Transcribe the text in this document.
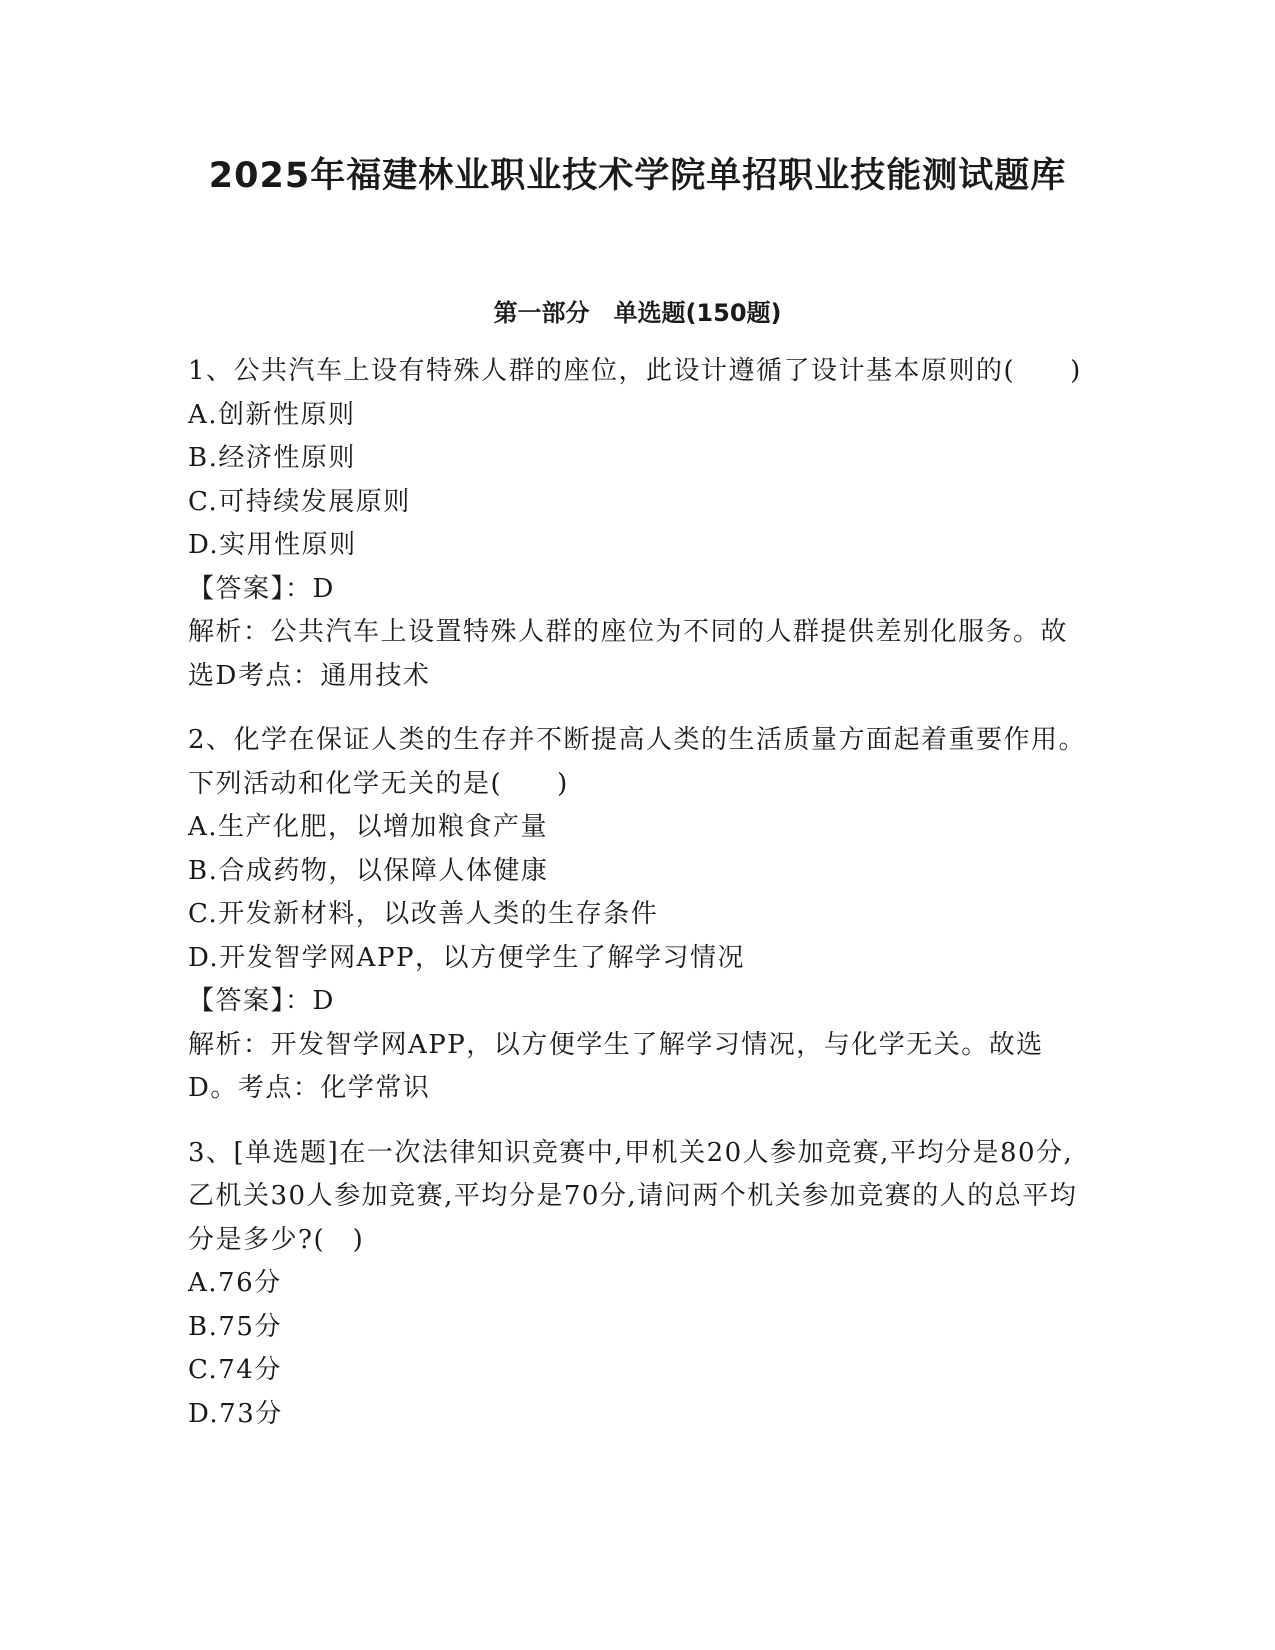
2025年福建林业职业技术学院单招职业技能测试题库
第一部分　单选题(150题)

1、公共汽车上设有特殊人群的座位，此设计遵循了设计基本原则的(　　)

A.创新性原则

B.经济性原则

C.可持续发展原则

D.实用性原则

【答案】：D

解析：公共汽车上设置特殊人群的座位为不同的人群提供差别化服务。故选D考点：通用技术

2、化学在保证人类的生存并不断提高人类的生活质量方面起着重要作用。下列活动和化学无关的是(　　)

A.生产化肥，以增加粮食产量

B.合成药物，以保障人体健康

C.开发新材料，以改善人类的生存条件

D.开发智学网APP，以方便学生了解学习情况

【答案】：D

解析：开发智学网APP，以方便学生了解学习情况，与化学无关。故选D。考点：化学常识

3、[单选题]在一次法律知识竞赛中,甲机关20人参加竞赛,平均分是80分,乙机关30人参加竞赛,平均分是70分,请问两个机关参加竞赛的人的总平均分是多少?(　)

A.76分

B.75分

C.74分

D.73分
